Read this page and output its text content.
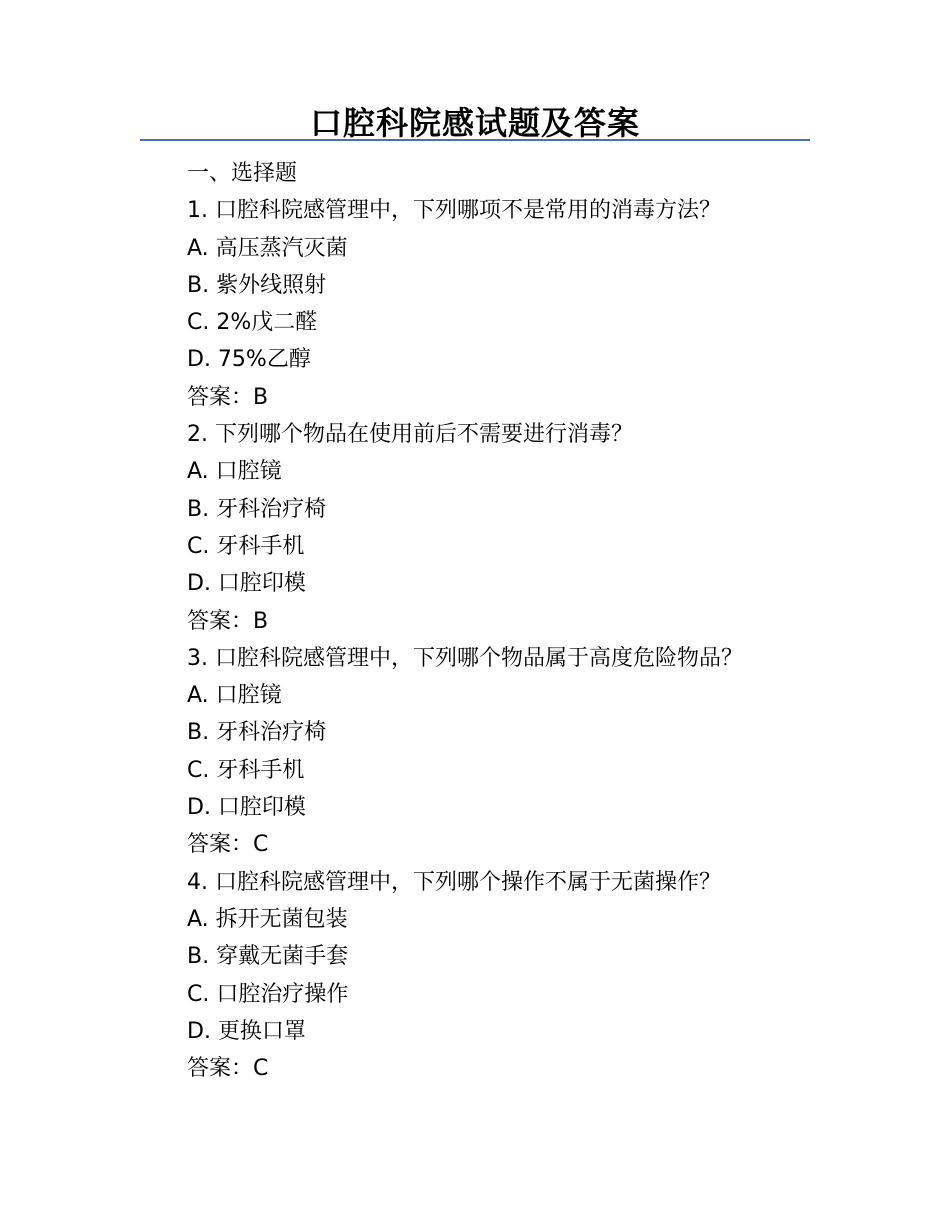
口腔科院感试题及答案
一、选择题
1. 口腔科院感管理中，下列哪项不是常用的消毒方法？
A. 高压蒸汽灭菌
B. 紫外线照射
C. 2%戊二醛
D. 75%乙醇
答案：B
2. 下列哪个物品在使用前后不需要进行消毒？
A. 口腔镜
B. 牙科治疗椅
C. 牙科手机
D. 口腔印模
答案：B
3. 口腔科院感管理中，下列哪个物品属于高度危险物品？
A. 口腔镜
B. 牙科治疗椅
C. 牙科手机
D. 口腔印模
答案：C
4. 口腔科院感管理中，下列哪个操作不属于无菌操作？
A. 拆开无菌包装
B. 穿戴无菌手套
C. 口腔治疗操作
D. 更换口罩
答案：C
